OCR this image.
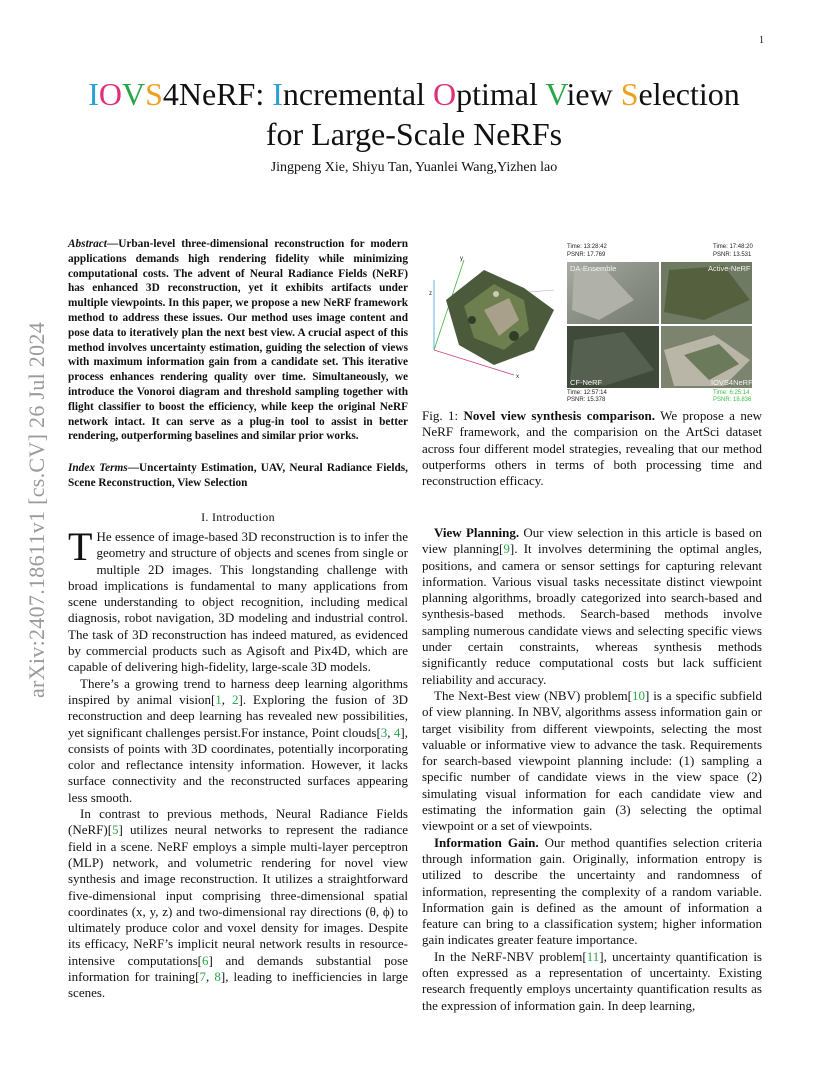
1
arXiv:2407.18611v1 [cs.CV] 26 Jul 2024
IOVS4NeRF: Incremental Optimal View Selection
for Large-Scale NeRFs
Jingpeng Xie, Shiyu Tan, Yuanlei Wang,Yizhen lao
Abstract—Urban-level three-dimensional reconstruction for modern applications demands high rendering fidelity while minimizing computational costs. The advent of Neural Radiance Fields (NeRF) has enhanced 3D reconstruction, yet it exhibits artifacts under multiple viewpoints. In this paper, we propose a new NeRF framework method to address these issues. Our method uses image content and pose data to iteratively plan the next best view. A crucial aspect of this method involves uncertainty estimation, guiding the selection of views with maximum information gain from a candidate set. This iterative process enhances rendering quality over time. Simultaneously, we introduce the Vonoroi diagram and threshold sampling together with flight classifier to boost the efficiency, while keep the original NeRF network intact. It can serve as a plug-in tool to assist in better rendering, outperforming baselines and similar prior works.
Index Terms—Uncertainty Estimation, UAV, Neural Radiance Fields, Scene Reconstruction, View Selection
I. Introduction

T He essence of image-based 3D reconstruction is to infer the geometry and structure of objects and scenes from single or multiple 2D images. This longstanding challenge with broad implications is fundamental to many applications from scene understanding to object recognition, including medical diagnosis, robot navigation, 3D modeling and industrial control. The task of 3D reconstruction has indeed matured, as evidenced by commercial products such as Agisoft and Pix4D, which are capable of delivering high-fidelity, large-scale 3D models.

There’s a growing trend to harness deep learning algorithms inspired by animal vision[1, 2]. Exploring the fusion of 3D reconstruction and deep learning has revealed new possibilities, yet significant challenges persist.For instance, Point clouds[3, 4], consists of points with 3D coordinates, potentially incorporating color and reflectance intensity information. However, it lacks surface connectivity and the reconstructed surfaces appearing less smooth.

In contrast to previous methods, Neural Radiance Fields (NeRF)[5] utilizes neural networks to represent the radiance field in a scene. NeRF employs a simple multi-layer perceptron (MLP) network, and volumetric rendering for novel view synthesis and image reconstruction. It utilizes a straightforward five-dimensional input comprising three-dimensional spatial coordinates (x, y, z) and two-dimensional ray directions (θ, ϕ) to ultimately produce color and voxel density for images. Despite its efficacy, NeRF’s implicit neural network results in resource-intensive computations[6] and demands substantial pose information for training[7, 8], leading to inefficiencies in large scenes.

x
z
y
Time: 13:28:42
PSNR: 17.769
Time: 17:48:20
PSNR: 13.531
Time: 12:57:14
PSNR: 15.378
Time: 6:25:14
PSNR: 18.836
DA-Ensemble	Active-NeRF
CF-NeRF	IOVS4NeRF
Fig. 1: Novel view synthesis comparison. We propose a new NeRF framework, and the comparision on the ArtSci dataset across four different model strategies, revealing that our method outperforms others in terms of both processing time and reconstruction efficacy.

View Planning. Our view selection in this article is based on view planning[9]. It involves determining the optimal angles, positions, and camera or sensor settings for capturing relevant information. Various visual tasks necessitate distinct viewpoint planning algorithms, broadly categorized into search-based and synthesis-based methods. Search-based methods involve sampling numerous candidate views and selecting specific views under certain constraints, whereas synthesis methods significantly reduce computational costs but lack sufficient reliability and accuracy.

The Next-Best view (NBV) problem[10] is a specific subfield of view planning. In NBV, algorithms assess information gain or target visibility from different viewpoints, selecting the most valuable or informative view to advance the task. Requirements for search-based viewpoint planning include: (1) sampling a specific number of candidate views in the view space (2) simulating visual information for each candidate view and estimating the information gain (3) selecting the optimal viewpoint or a set of viewpoints.

Information Gain. Our method quantifies selection criteria through information gain. Originally, information entropy is utilized to describe the uncertainty and randomness of information, representing the complexity of a random variable. Information gain is defined as the amount of information a feature can bring to a classification system; higher information gain indicates greater feature importance.

In the NeRF-NBV problem[11], uncertainty quantification is often expressed as a representation of uncertainty. Existing research frequently employs uncertainty quantification results as the expression of information gain. In deep learning,
